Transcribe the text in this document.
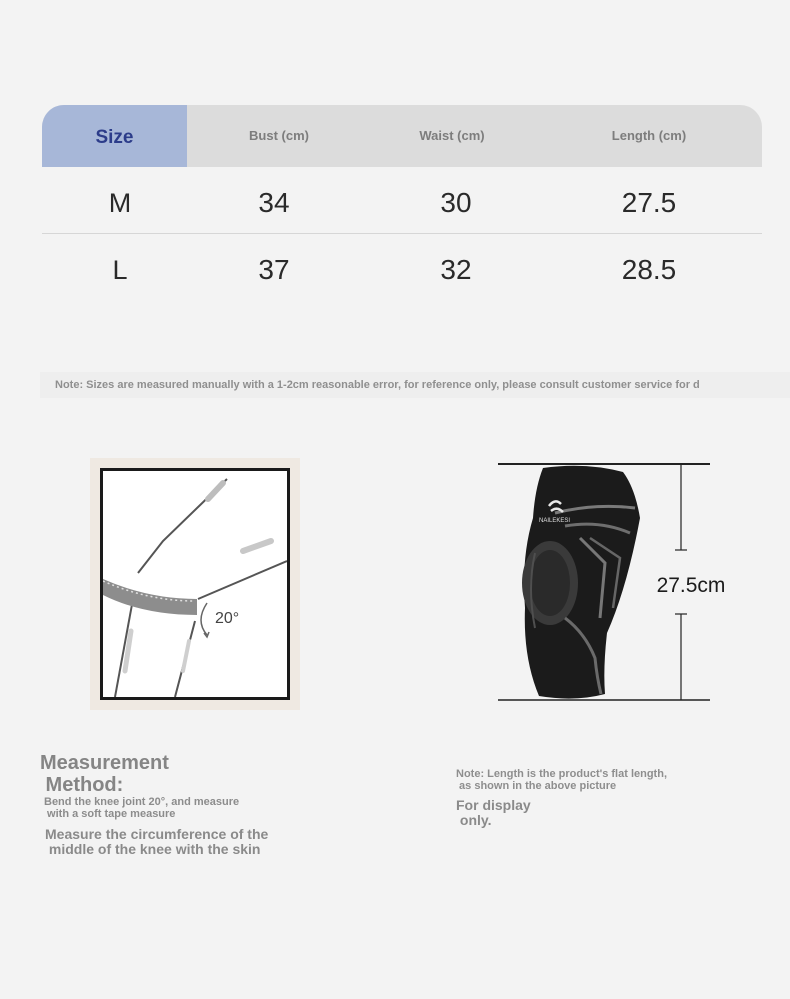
Size	Bust (cm)	Waist (cm)	Length (cm)
M	34	30	27.5
L	37	32	28.5
Note: Sizes are measured manually with a 1-2cm reasonable error, for reference only, please consult customer service for d
20°
Measurement
Method:
Bend the knee joint 20°, and measure
with a soft tape measure
Measure the circumference of the
middle of the knee with the skin
NAILEKESI
27.5cm
Note: Length is the product's flat length,
as shown in the above picture
For display
only.
